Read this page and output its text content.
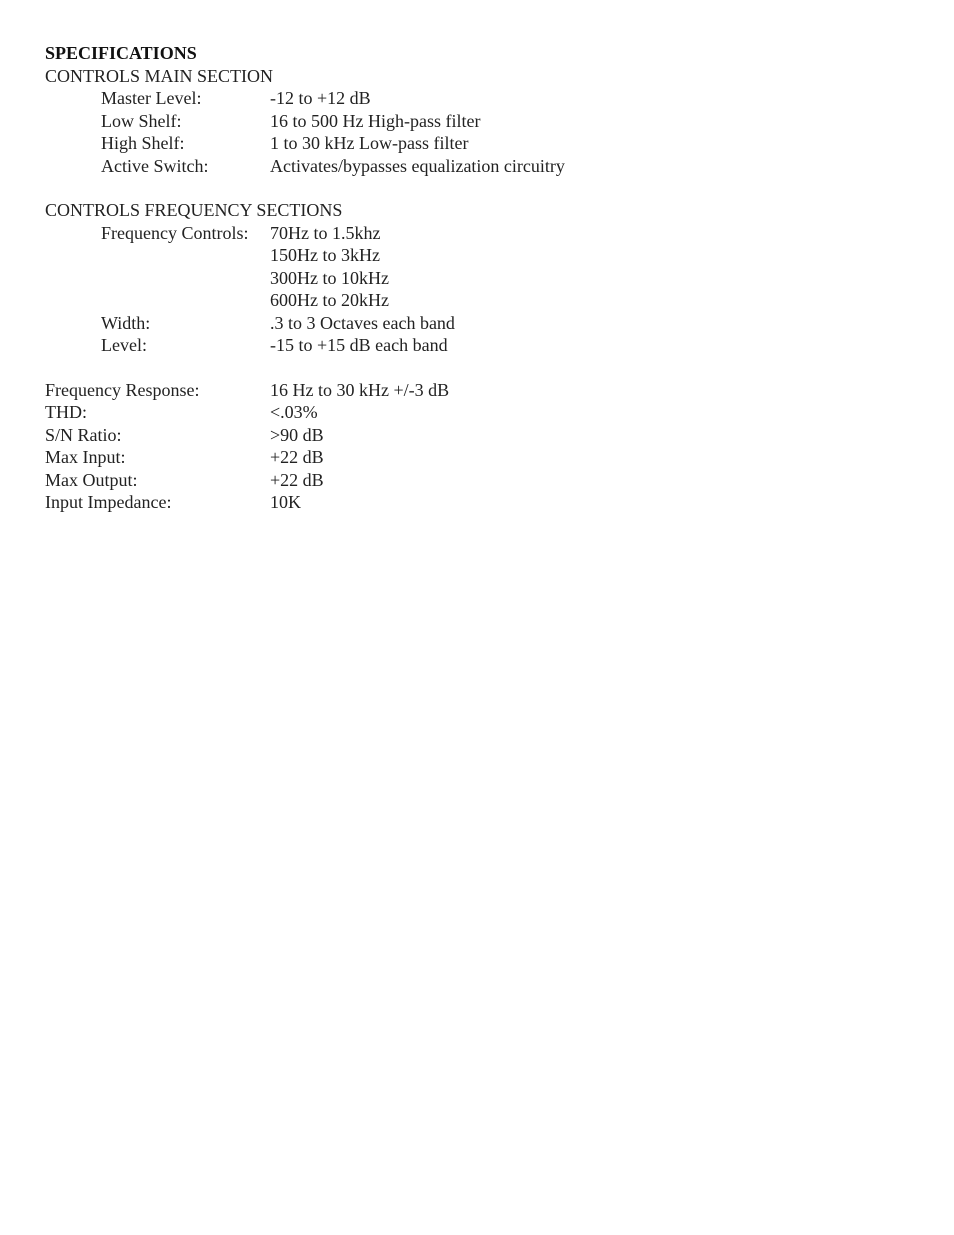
SPECIFICATIONS
CONTROLS MAIN SECTION
Master Level:	-12 to +12 dB
Low Shelf:	16 to 500 Hz High-pass filter
High Shelf:	1 to 30 kHz Low-pass filter
Active Switch:	Activates/bypasses equalization circuitry
CONTROLS FREQUENCY SECTIONS
Frequency Controls: 70Hz to 1.5khz
150Hz to 3kHz
300Hz to 10kHz
600Hz to 20kHz
Width:	.3 to 3 Octaves each band
Level:	-15 to +15 dB each band
Frequency Response:	16 Hz to 30 kHz +/-3 dB
THD:	<.03%
S/N Ratio:	>90 dB
Max Input:	+22 dB
Max Output:	+22 dB
Input Impedance:	10K
